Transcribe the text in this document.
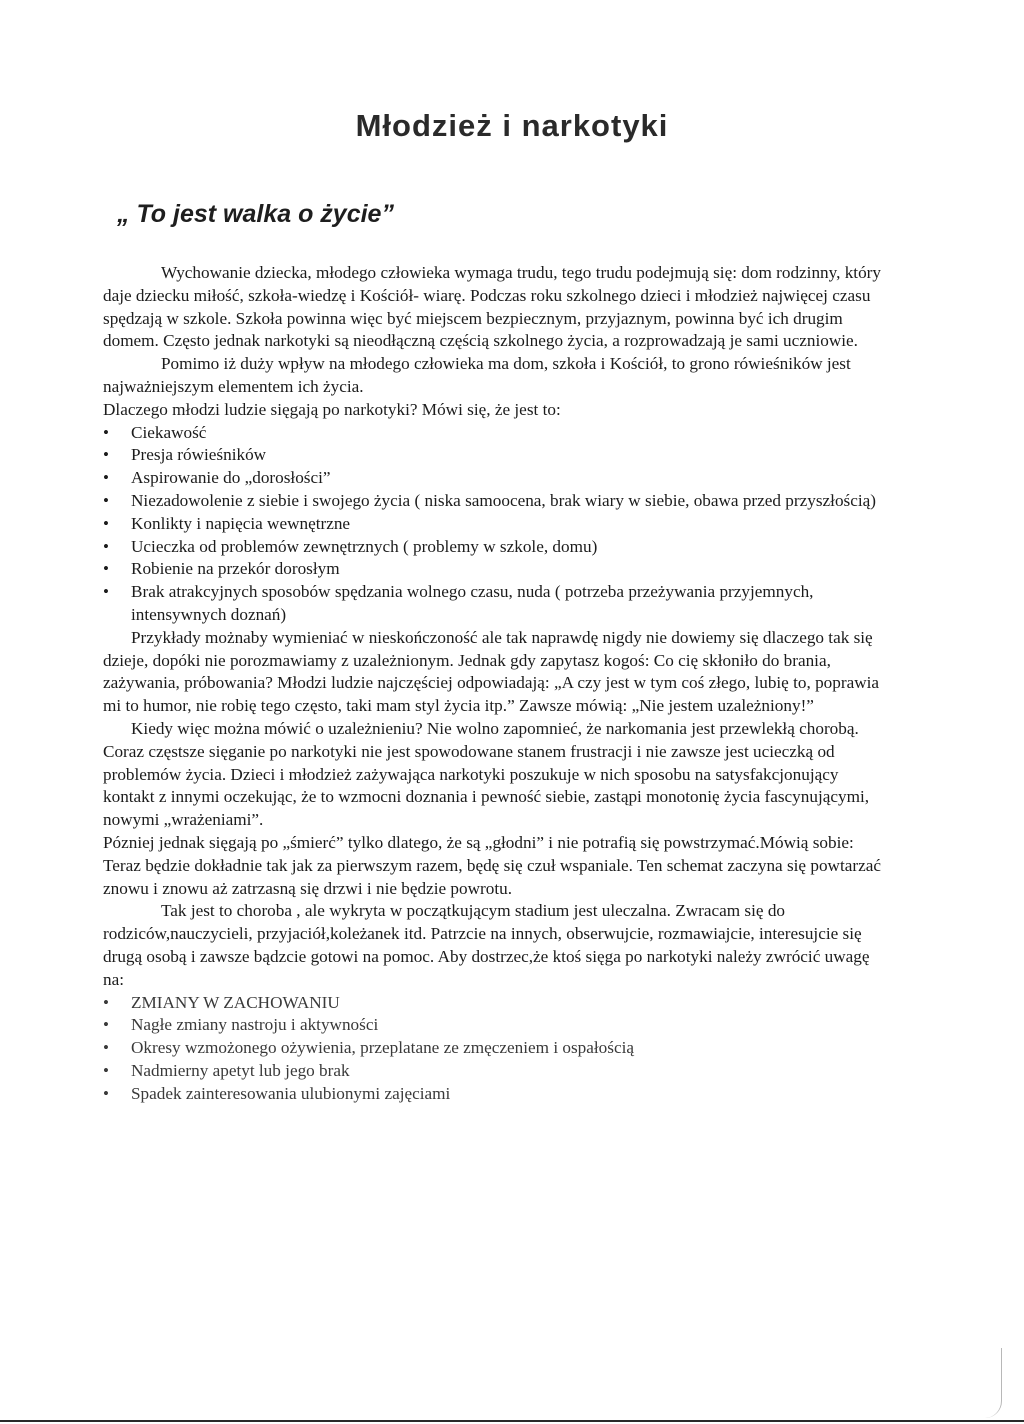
Młodzież i narkotyki
„ To jest walka o życie”

Wychowanie dziecka, młodego człowieka wymaga trudu, tego trudu podejmują się: dom rodzinny, który daje dziecku miłość, szkoła-wiedzę i Kościół- wiarę. Podczas roku szkolnego dzieci i młodzież najwięcej czasu spędzają w szkole. Szkoła powinna więc być miejscem bezpiecznym, przyjaznym, powinna być ich drugim domem. Często jednak narkotyki są nieodłączną częścią szkolnego życia, a rozprowadzają je sami uczniowie.

Pomimo iż duży wpływ na młodego człowieka ma dom, szkoła i Kościół, to grono rówieśników jest najważniejszym elementem ich życia.

Dlaczego młodzi ludzie sięgają po narkotyki? Mówi się, że jest to:

• Ciekawość
• Presja rówieśników
• Aspirowanie do „dorosłości”
• Niezadowolenie z siebie i swojego życia ( niska samoocena, brak wiary w siebie, obawa przed przyszłością)
• Konlikty i napięcia wewnętrzne
• Ucieczka od problemów zewnętrznych ( problemy w szkole, domu)
• Robienie na przekór dorosłym
• Brak atrakcyjnych sposobów spędzania wolnego czasu, nuda ( potrzeba przeżywania przyjemnych, intensywnych doznań)

Przykłady możnaby wymieniać w nieskończoność ale tak naprawdę nigdy nie dowiemy się dlaczego tak się dzieje, dopóki nie porozmawiamy z uzależnionym. Jednak gdy zapytasz kogoś: Co cię skłoniło do brania, zażywania, próbowania? Młodzi ludzie najczęściej odpowiadają: „A czy jest w tym coś złego, lubię to, poprawia mi to humor, nie robię tego często, taki mam styl życia itp.” Zawsze mówią: „Nie jestem uzależniony!”

Kiedy więc można mówić o uzależnieniu? Nie wolno zapomnieć, że narkomania jest przewlekłą chorobą. Coraz częstsze sięganie po narkotyki nie jest spowodowane stanem frustracji i nie zawsze jest ucieczką od problemów życia. Dzieci i młodzież zażywająca narkotyki poszukuje w nich sposobu na satysfakcjonujący kontakt z innymi oczekując, że to wzmocni doznania i pewność siebie, zastąpi monotonię życia fascynującymi, nowymi „wrażeniami”.

Pózniej jednak sięgają po „śmierć” tylko dlatego, że są „głodni” i nie potrafią się powstrzymać.Mówią sobie: Teraz będzie dokładnie tak jak za pierwszym razem, będę się czuł wspaniale. Ten schemat zaczyna się powtarzać znowu i znowu aż zatrzasną się drzwi i nie będzie powrotu.

Tak jest to choroba , ale wykryta w początkującym stadium jest uleczalna. Zwracam się do rodziców,nauczycieli, przyjaciół,koleżanek itd. Patrzcie na innych, obserwujcie, rozmawiajcie, interesujcie się drugą osobą i zawsze bądzcie gotowi na pomoc. Aby dostrzec,że ktoś sięga po narkotyki należy zwrócić uwagę na:

• ZMIANY W ZACHOWANIU
• Nagłe zmiany nastroju i aktywności
• Okresy wzmożonego ożywienia, przeplatane ze zmęczeniem i ospałością
• Nadmierny apetyt lub jego brak
• Spadek zainteresowania ulubionymi zajęciami
